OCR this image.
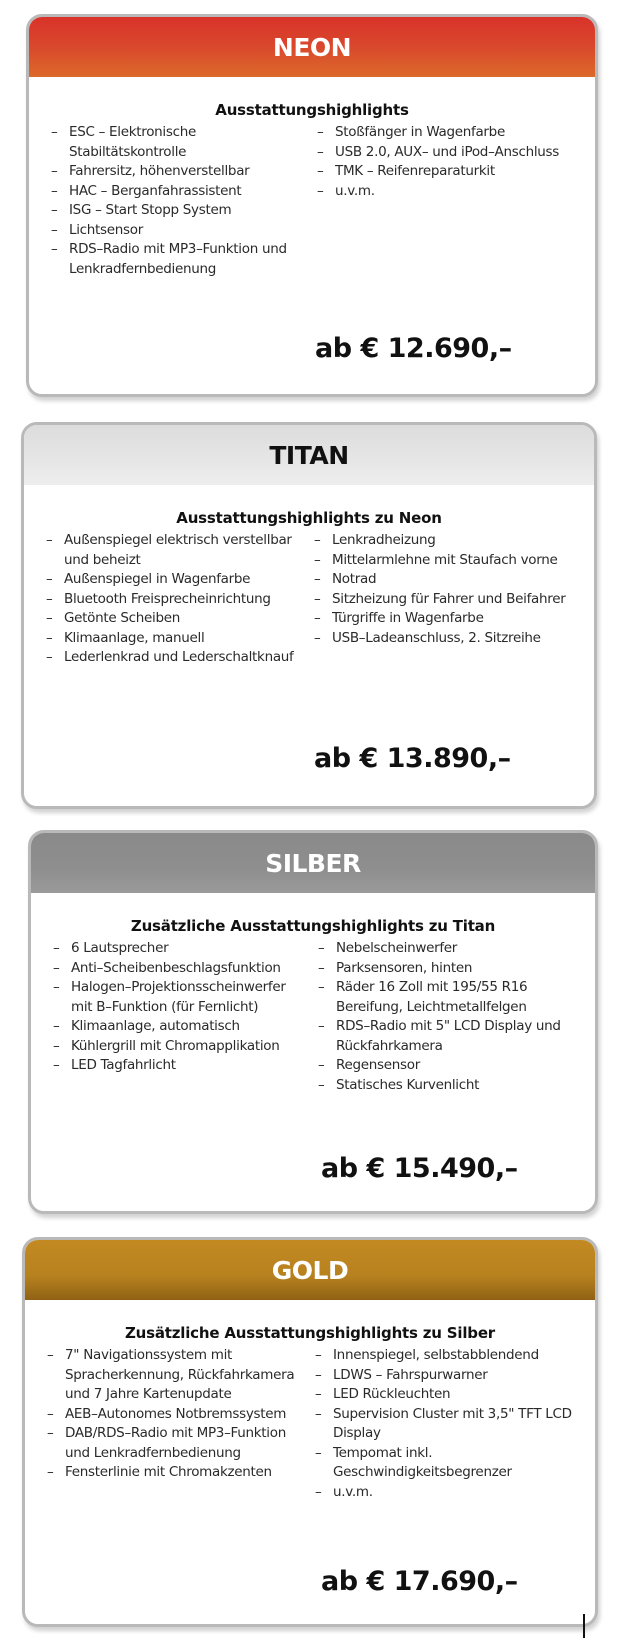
NEON
Ausstattungshighlights
– ESC – Elektronische Stabiltätskontrolle
– Fahrersitz, höhenverstellbar
– HAC – Berganfahrassistent
– ISG – Start Stopp System
– Lichtsensor
– RDS–Radio mit MP3–Funktion und Lenkradfernbedienung
– Stoßfänger in Wagenfarbe
– USB 2.0, AUX– und iPod–Anschluss
– TMK – Reifenreparaturkit
– u.v.m.
ab € 12.690,–
TITAN
Ausstattungshighlights zu Neon
– Außenspiegel elektrisch verstellbar und beheizt
– Außenspiegel in Wagenfarbe
– Bluetooth Freisprecheinrichtung
– Getönte Scheiben
– Klimaanlage, manuell
– Lederlenkrad und Lederschaltknauf
– Lenkradheizung
– Mittelarmlehne mit Staufach vorne
– Notrad
– Sitzheizung für Fahrer und Beifahrer
– Türgriffe in Wagenfarbe
– USB–Ladeanschluss, 2. Sitzreihe
ab € 13.890,–
SILBER
Zusätzliche Ausstattungshighlights zu Titan
– 6 Lautsprecher
– Anti–Scheibenbeschlagsfunktion
– Halogen–Projektionsscheinwerfer mit B–Funktion (für Fernlicht)
– Klimaanlage, automatisch
– Kühlergrill mit Chromapplikation
– LED Tagfahrlicht
– Nebelscheinwerfer
– Parksensoren, hinten
– Räder 16 Zoll mit 195/55 R16 Bereifung, Leichtmetallfelgen
– RDS–Radio mit 5" LCD Display und Rückfahrkamera
– Regensensor
– Statisches Kurvenlicht
ab € 15.490,–
GOLD
Zusätzliche Ausstattungshighlights zu Silber
– 7" Navigationssystem mit Spracherkennung, Rückfahrkamera und 7 Jahre Kartenupdate
– AEB–Autonomes Notbremssystem
– DAB/RDS–Radio mit MP3–Funktion und Lenkradfernbedienung
– Fensterlinie mit Chromakzenten
– Innenspiegel, selbstabblendend
– LDWS – Fahrspurwarner
– LED Rückleuchten
– Supervision Cluster mit 3,5" TFT LCD Display
– Tempomat inkl. Geschwindigkeitsbegrenzer
– u.v.m.
ab € 17.690,–
